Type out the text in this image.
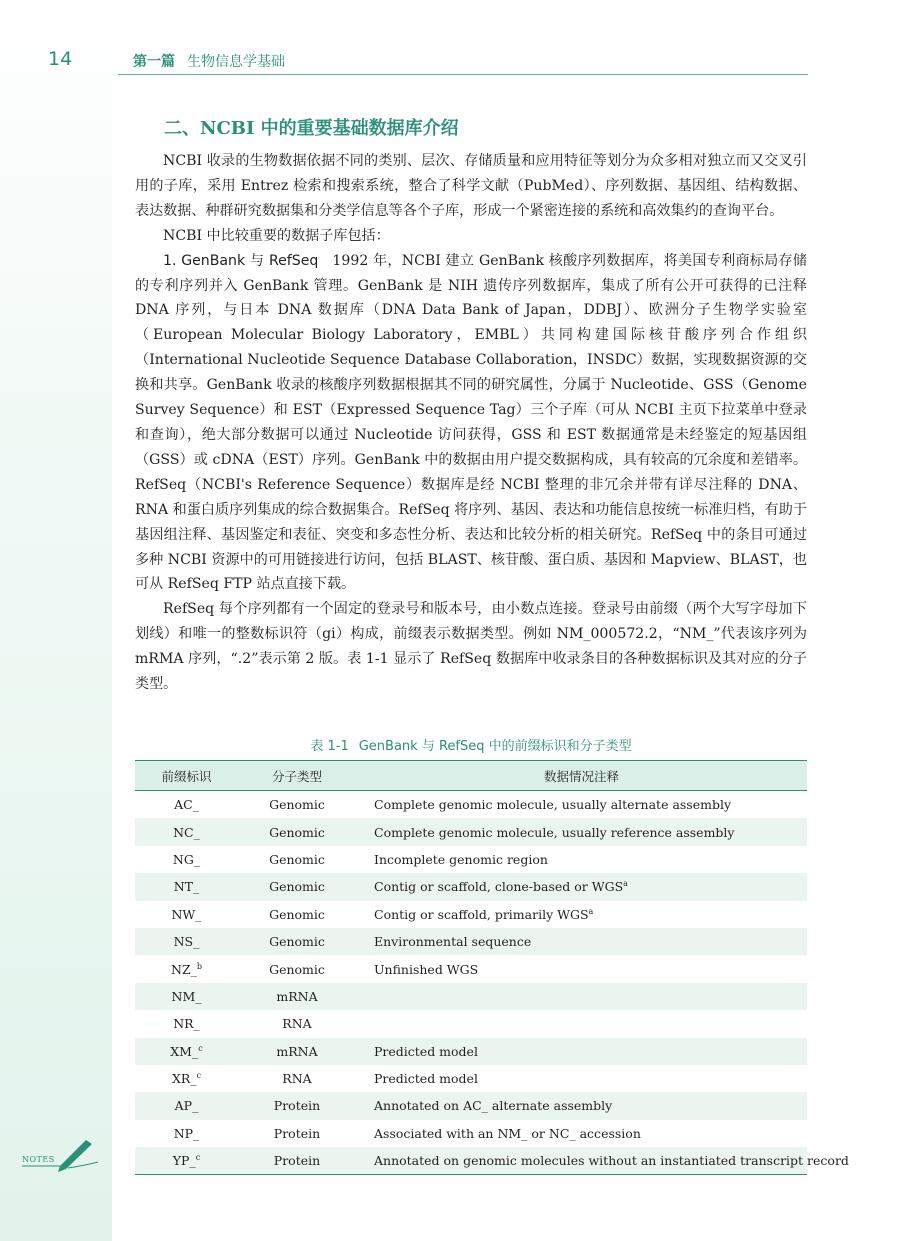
14	第一篇 生物信息学基础
二、NCBI 中的重要基础数据库介绍

NCBI 收录的生物数据依据不同的类别、层次、存储质量和应用特征等划分为众多相对独立而又交叉引用的子库，采用 Entrez 检索和搜索系统，整合了科学文献（PubMed）、序列数据、基因组、结构数据、表达数据、种群研究数据集和分类学信息等各个子库，形成一个紧密连接的系统和高效集约的查询平台。

NCBI 中比较重要的数据子库包括：

1. GenBank 与 RefSeq  1992 年，NCBI 建立 GenBank 核酸序列数据库，将美国专利商标局存储的专利序列并入 GenBank 管理。GenBank 是 NIH 遗传序列数据库，集成了所有公开可获得的已注释 DNA 序列，与日本 DNA 数据库（DNA Data Bank of Japan，DDBJ）、欧洲分子生物学实验室（European Molecular Biology Laboratory，EMBL）共同构建国际核苷酸序列合作组织（International Nucleotide Sequence Database Collaboration，INSDC）数据，实现数据资源的交换和共享。GenBank 收录的核酸序列数据根据其不同的研究属性，分属于 Nucleotide、GSS（Genome Survey Sequence）和 EST（Expressed Sequence Tag）三个子库（可从 NCBI 主页下拉菜单中登录和查询），绝大部分数据可以通过 Nucleotide 访问获得，GSS 和 EST 数据通常是未经鉴定的短基因组（GSS）或 cDNA（EST）序列。GenBank 中的数据由用户提交数据构成，具有较高的冗余度和差错率。RefSeq（NCBI's Reference Sequence）数据库是经 NCBI 整理的非冗余并带有详尽注释的 DNA、RNA 和蛋白质序列集成的综合数据集合。RefSeq 将序列、基因、表达和功能信息按统一标准归档，有助于基因组注释、基因鉴定和表征、突变和多态性分析、表达和比较分析的相关研究。RefSeq 中的条目可通过多种 NCBI 资源中的可用链接进行访问，包括 BLAST、核苷酸、蛋白质、基因和 Mapview、BLAST，也可从 RefSeq FTP 站点直接下载。

RefSeq 每个序列都有一个固定的登录号和版本号，由小数点连接。登录号由前缀（两个大写字母加下划线）和唯一的整数标识符（gi）构成，前缀表示数据类型。例如 NM_000572.2，“NM_”代表该序列为 mRMA 序列，“.2”表示第 2 版。表 1-1 显示了 RefSeq 数据库中收录条目的各种数据标识及其对应的分子类型。

表 1-1 GenBank 与 RefSeq 中的前缀标识和分子类型
前缀标识	分子类型	数据情况注释
AC_	Genomic	Complete genomic molecule, usually alternate assembly
NC_	Genomic	Complete genomic molecule, usually reference assembly
NG_	Genomic	Incomplete genomic region
NT_	Genomic	Contig or scaffold, clone-based or WGS$^a$
NW_	Genomic	Contig or scaffold, primarily WGS$^a$
NS_	Genomic	Environmental sequence
NZ_$^b$	Genomic	Unfinished WGS
NM_	mRNA	
NR_	RNA	
XM_$^c$	mRNA	Predicted model
XR_$^c$	RNA	Predicted model
AP_	Protein	Annotated on AC_ alternate assembly
NP_	Protein	Associated with an NM_ or NC_ accession
YP_$^c$	Protein	Annotated on genomic molecules without an instantiated transcript record
NOTES
